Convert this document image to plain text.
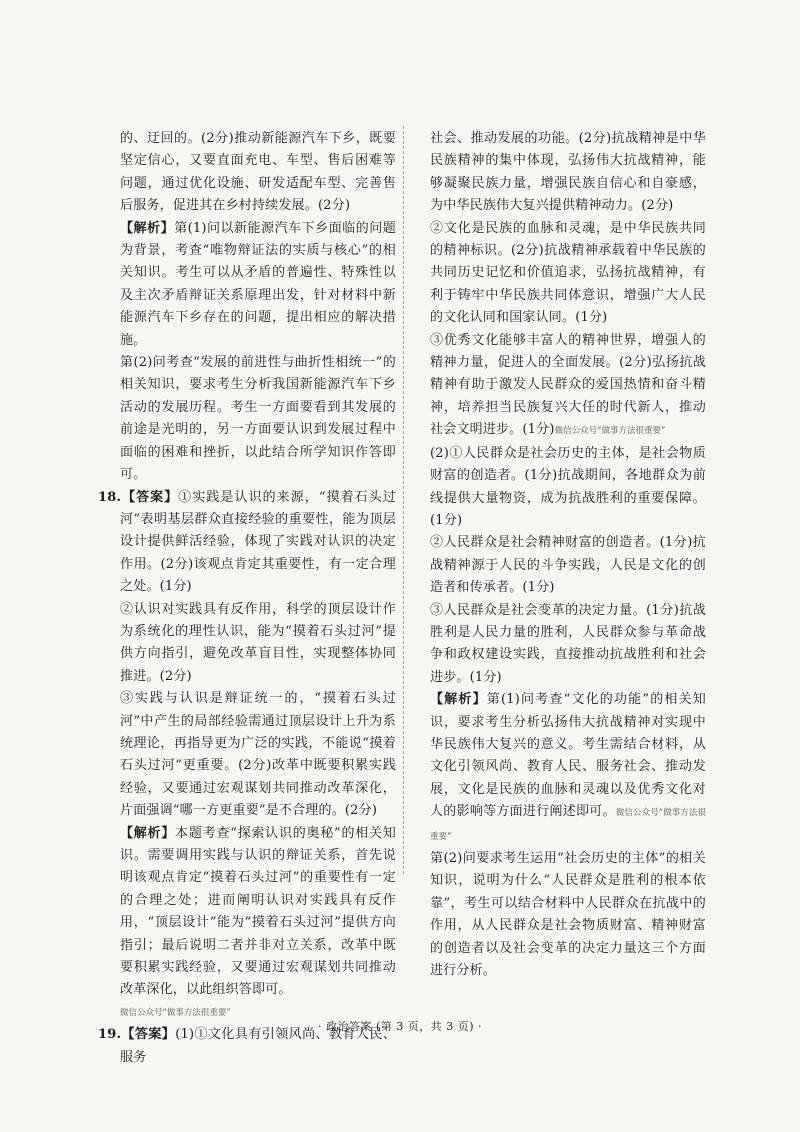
的、迂回的。(2分)推动新能源汽车下乡，既要坚定信心，又要直面充电、车型、售后困难等问题，通过优化设施、研发适配车型、完善售后服务，促进其在乡村持续发展。(2分)

【解析】第(1)问以新能源汽车下乡面临的问题为背景，考查“唯物辩证法的实质与核心”的相关知识。考生可以从矛盾的普遍性、特殊性以及主次矛盾辩证关系原理出发，针对材料中新能源汽车下乡存在的问题，提出相应的解决措施。

第(2)问考查“发展的前进性与曲折性相统一”的相关知识，要求考生分析我国新能源汽车下乡活动的发展历程。考生一方面要看到其发展的前途是光明的，另一方面要认识到发展过程中面临的困难和挫折，以此结合所学知识作答即可。

18.【答案】①实践是认识的来源，“摸着石头过河”表明基层群众直接经验的重要性，能为顶层设计提供鲜活经验，体现了实践对认识的决定作用。(2分)该观点肯定其重要性，有一定合理之处。(1分)

②认识对实践具有反作用，科学的顶层设计作为系统化的理性认识，能为“摸着石头过河”提供方向指引，避免改革盲目性，实现整体协同推进。(2分)

③实践与认识是辩证统一的，“摸着石头过河”中产生的局部经验需通过顶层设计上升为系统理论，再指导更为广泛的实践，不能说“摸着石头过河”更重要。(2分)改革中既要积累实践经验，又要通过宏观谋划共同推动改革深化，片面强调“哪一方更重要”是不合理的。(2分)

【解析】本题考查“探索认识的奥秘”的相关知识。需要调用实践与认识的辩证关系，首先说明该观点肯定“摸着石头过河”的重要性有一定的合理之处；进而阐明认识对实践具有反作用，“顶层设计”能为“摸着石头过河”提供方向指引；最后说明二者并非对立关系，改革中既要积累实践经验，又要通过宏观谋划共同推动改革深化，以此组织答即可。

微信公众号“做事方法很重要”

19.【答案】(1)①文化具有引领风尚、教育人民、服务

社会、推动发展的功能。(2分)抗战精神是中华民族精神的集中体现，弘扬伟大抗战精神，能够凝聚民族力量，增强民族自信心和自豪感，为中华民族伟大复兴提供精神动力。(2分)

②文化是民族的血脉和灵魂，是中华民族共同的精神标识。(2分)抗战精神承载着中华民族的共同历史记忆和价值追求，弘扬抗战精神，有利于铸牢中华民族共同体意识，增强广大人民的文化认同和国家认同。(1分)

③优秀文化能够丰富人的精神世界，增强人的精神力量，促进人的全面发展。(2分)弘扬抗战精神有助于激发人民群众的爱国热情和奋斗精神，培养担当民族复兴大任的时代新人，推动社会文明进步。(1分)微信公众号“做事方法很重要”

(2)①人民群众是社会历史的主体，是社会物质财富的创造者。(1分)抗战期间，各地群众为前线提供大量物资，成为抗战胜利的重要保障。(1分)

②人民群众是社会精神财富的创造者。(1分)抗战精神源于人民的斗争实践，人民是文化的创造者和传承者。(1分)

③人民群众是社会变革的决定力量。(1分)抗战胜利是人民力量的胜利，人民群众参与革命战争和政权建设实践，直接推动抗战胜利和社会进步。(1分)

【解析】第(1)问考查“文化的功能”的相关知识，要求考生分析弘扬伟大抗战精神对实现中华民族伟大复兴的意义。考生需结合材料，从文化引领风尚、教育人民、服务社会、推动发展，文化是民族的血脉和灵魂以及优秀文化对人的影响等方面进行阐述即可。微信公众号“做事方法很重要”

第(2)问要求考生运用“社会历史的主体”的相关知识，说明为什么“人民群众是胜利的根本依靠”，考生可以结合材料中人民群众在抗战中的作用，从人民群众是社会物质财富、精神财富的创造者以及社会变革的决定力量这三个方面进行分析。

· 政治答案 (第 3 页，共 3 页) ·
